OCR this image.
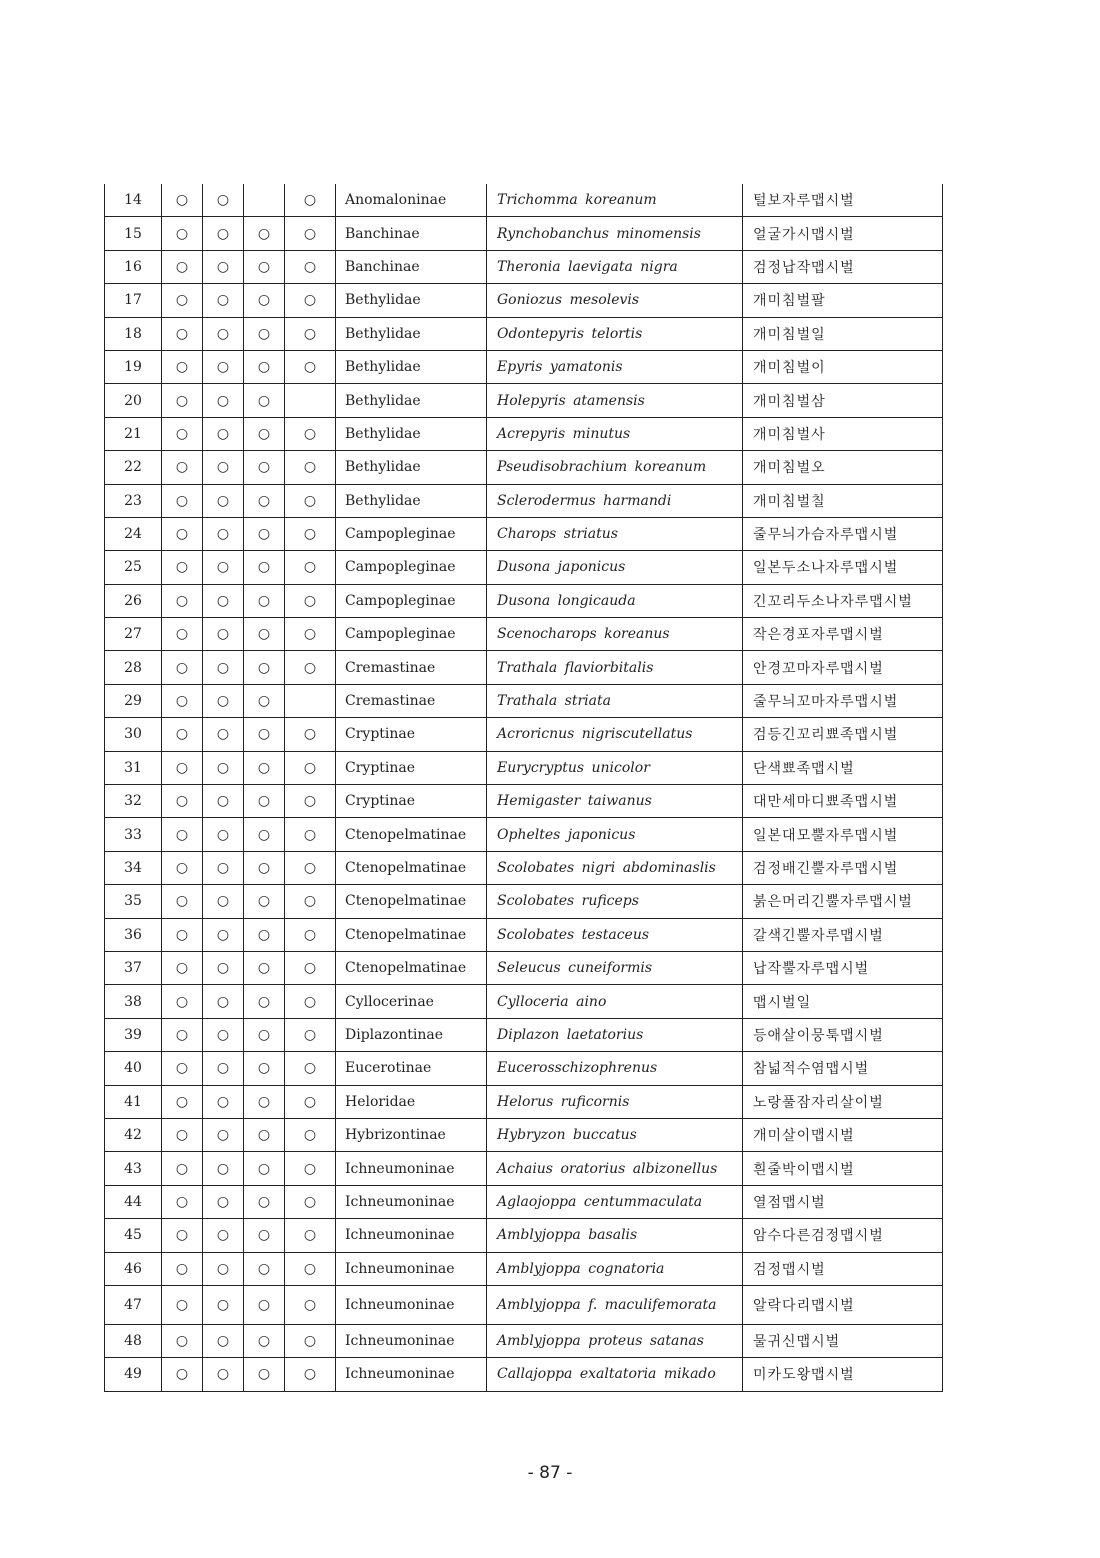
14	○	○		○	Anomaloninae	Trichomma koreanum	털보자루맵시벌
15	○	○	○	○	Banchinae	Rynchobanchus minomensis	얼굴가시맵시벌
16	○	○	○	○	Banchinae	Theronia laevigata nigra	검정납작맵시벌
17	○	○	○	○	Bethylidae	Goniozus mesolevis	개미침벌팔
18	○	○	○	○	Bethylidae	Odontepyris telortis	개미침벌일
19	○	○	○	○	Bethylidae	Epyris yamatonis	개미침벌이
20	○	○	○		Bethylidae	Holepyris atamensis	개미침벌삼
21	○	○	○	○	Bethylidae	Acrepyris minutus	개미침벌사
22	○	○	○	○	Bethylidae	Pseudisobrachium koreanum	개미침벌오
23	○	○	○	○	Bethylidae	Sclerodermus harmandi	개미침벌칠
24	○	○	○	○	Campopleginae	Charops striatus	줄무늬가슴자루맵시벌
25	○	○	○	○	Campopleginae	Dusona japonicus	일본두소나자루맵시벌
26	○	○	○	○	Campopleginae	Dusona longicauda	긴꼬리두소나자루맵시벌
27	○	○	○	○	Campopleginae	Scenocharops koreanus	작은경포자루맵시벌
28	○	○	○	○	Cremastinae	Trathala flaviorbitalis	안경꼬마자루맵시벌
29	○	○	○		Cremastinae	Trathala striata	줄무늬꼬마자루맵시벌
30	○	○	○	○	Cryptinae	Acroricnus nigriscutellatus	검등긴꼬리뾰족맵시벌
31	○	○	○	○	Cryptinae	Eurycryptus unicolor	단색뾰족맵시벌
32	○	○	○	○	Cryptinae	Hemigaster taiwanus	대만세마디뾰족맵시벌
33	○	○	○	○	Ctenopelmatinae	Opheltes japonicus	일본대모뿔자루맵시벌
34	○	○	○	○	Ctenopelmatinae	Scolobates nigri abdominaslis	검정배긴뿔자루맵시벌
35	○	○	○	○	Ctenopelmatinae	Scolobates ruficeps	붉은머리긴뿔자루맵시벌
36	○	○	○	○	Ctenopelmatinae	Scolobates testaceus	갈색긴뿔자루맵시벌
37	○	○	○	○	Ctenopelmatinae	Seleucus cuneiformis	납작뿔자루맵시벌
38	○	○	○	○	Cyllocerinae	Cylloceria aino	맵시벌일
39	○	○	○	○	Diplazontinae	Diplazon laetatorius	등애살이뭉툭맵시벌
40	○	○	○	○	Eucerotinae	Eucerosschizophrenus	참넓적수염맵시벌
41	○	○	○	○	Heloridae	Helorus ruficornis	노랑풀잠자리살이벌
42	○	○	○	○	Hybrizontinae	Hybryzon buccatus	개미살이맵시벌
43	○	○	○	○	Ichneumoninae	Achaius oratorius albizonellus	흰줄박이맵시벌
44	○	○	○	○	Ichneumoninae	Aglaojoppa centummaculata	열점맵시벌
45	○	○	○	○	Ichneumoninae	Amblyjoppa basalis	암수다른검정맵시벌
46	○	○	○	○	Ichneumoninae	Amblyjoppa cognatoria	검정맵시벌
47	○	○	○	○	Ichneumoninae	Amblyjoppa f. maculifemorata	알락다리맵시벌
48	○	○	○	○	Ichneumoninae	Amblyjoppa proteus satanas	물귀신맵시벌
49	○	○	○	○	Ichneumoninae	Callajoppa exaltatoria mikado	미카도왕맵시벌
- 87 -
